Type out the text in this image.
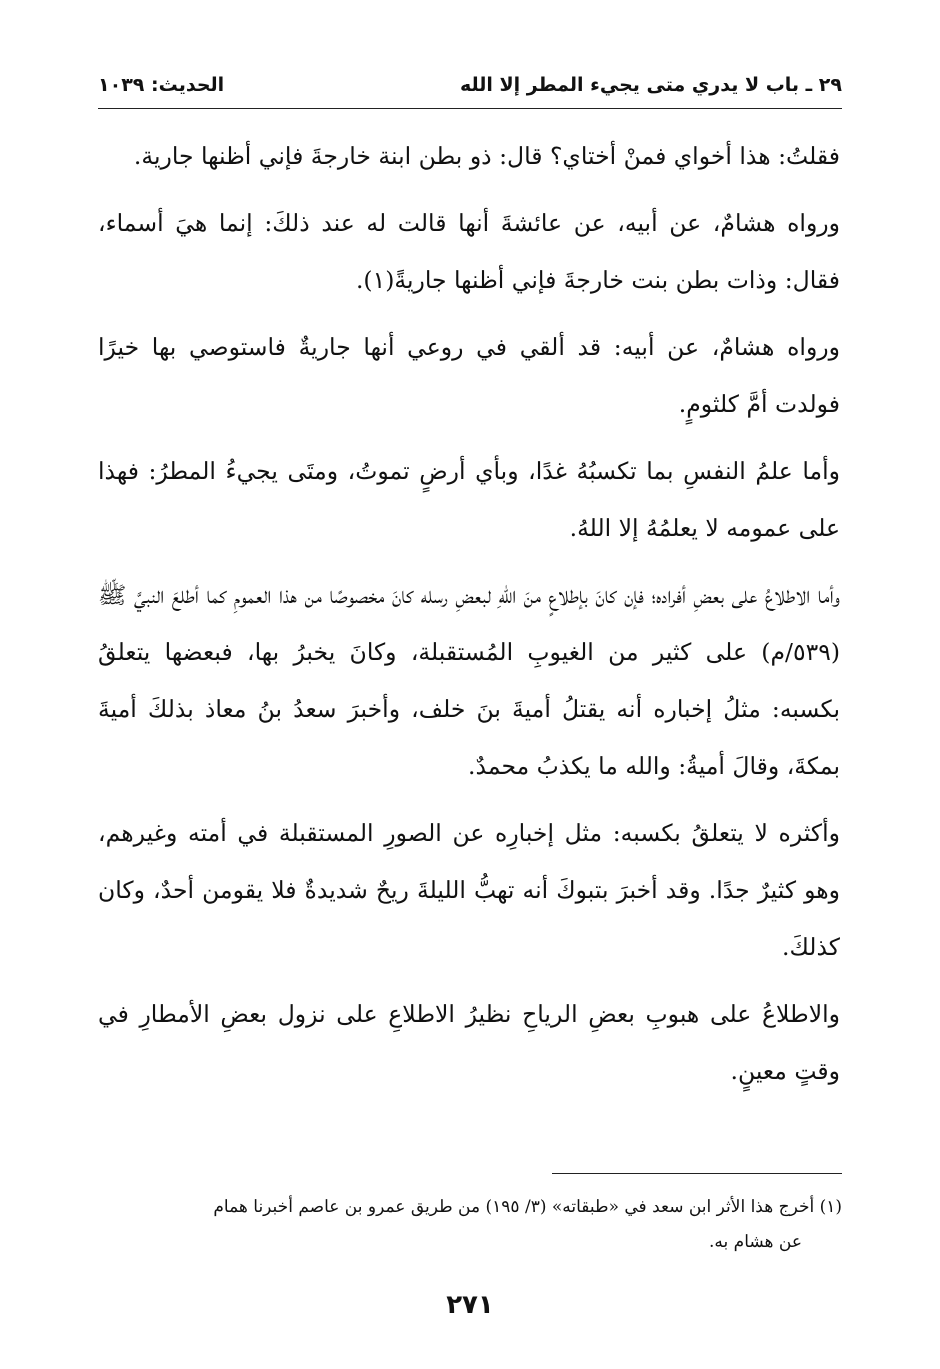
٢٩ ـ باب لا يدري متى يجيء المطر إلا الله
الحديث: ١٠٣٩

فقلتُ: هذا أخواي فمنْ أختاي؟ قال: ذو بطن ابنة خارجةَ فإني أظنها جارية.

ورواه هشامٌ، عن أبيه، عن عائشةَ أنها قالت له عند ذلكَ: إنما هيَ أسماء، فقال: وذات بطن بنت خارجةَ فإني أظنها جاريةً(١).

ورواه هشامٌ، عن أبيه: قد ألقي في روعي أنها جاريةٌ فاستوصي بها خيرًا فولدت أمَّ كلثومٍ.

وأما علمُ النفسِ بما تكسبُهُ غدًا، وبأي أرضٍ تموتُ، ومتَى يجيءُ المطرُ: فهذا على عمومه لا يعلمُهُ إلا اللهُ.

وأما الاطلاعُ على بعضِ أفراده؛ فإن كانَ بإطلاعٍ منَ اللهِ لبعضِ رسله كانَ مخصوصًا من هذا العمومِ كما أطلعَ النبيَّ ﷺ (٥٣٩/م) على كثير من الغيوبِ المُستقبلة، وكانَ يخبرُ بها، فبعضها يتعلقُ بكسبه: مثلُ إخباره أنه يقتلُ أميةَ بنَ خلف، وأخبرَ سعدُ بنُ معاذ بذلكَ أميةَ بمكةَ، وقالَ أميةُ: والله ما يكذبُ محمدٌ.

وأكثره لا يتعلقُ بكسبه: مثل إخبارِه عن الصورِ المستقبلة في أمته وغيرهم، وهو كثيرٌ جدًا. وقد أخبرَ بتبوكَ أنه تهبُّ الليلةَ ريحٌ شديدةٌ فلا يقومن أحدٌ، وكان كذلكَ.

والاطلاعُ على هبوبِ بعضِ الرياحِ نظيرُ الاطلاعِ على نزول بعضِ الأمطارِ في وقتٍ معينٍ.

(١) أخرج هذا الأثر ابن سعد في «طبقاته» (٣/ ١٩٥) من طريق عمرو بن عاصم أخبرنا همام
عن هشام به.
٢٧١
